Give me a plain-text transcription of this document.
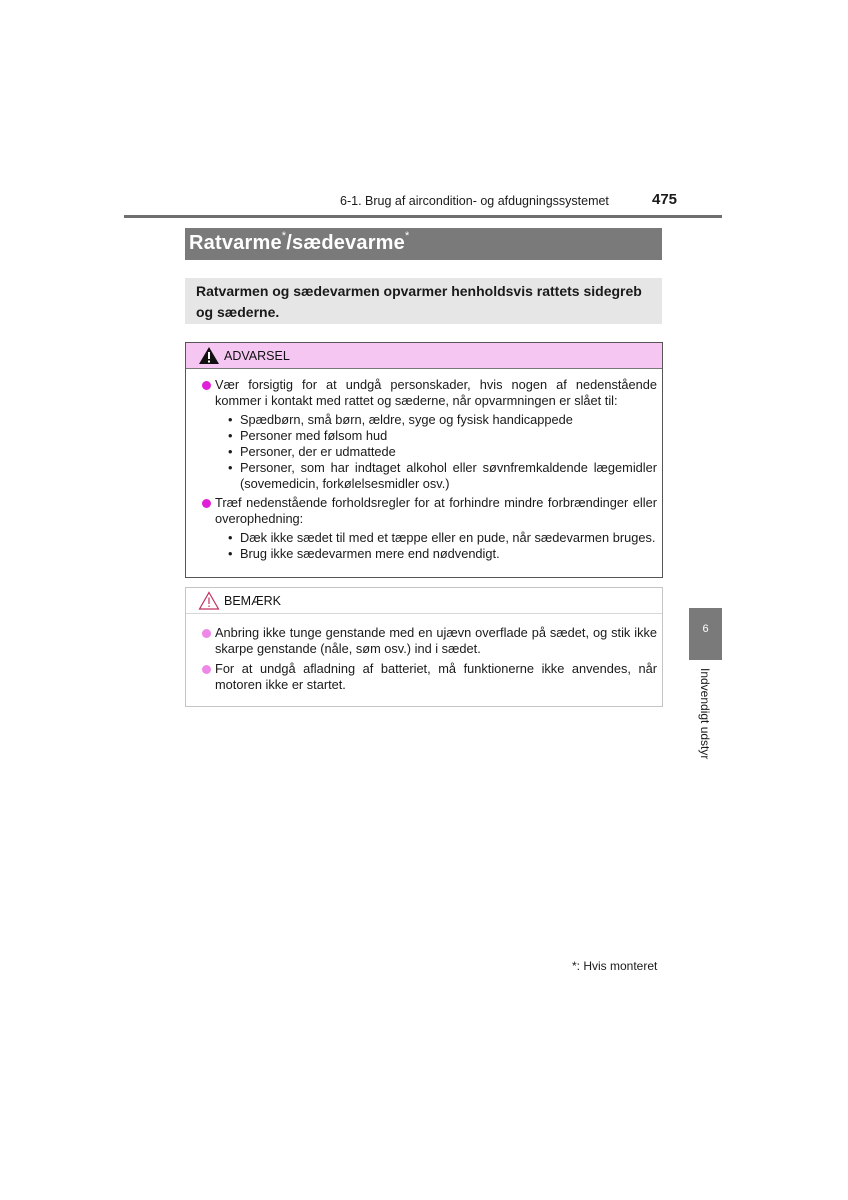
6-1. Brug af aircondition- og afdugningssystemet	475
Ratvarme*/sædevarme*
Ratvarmen og sædevarmen opvarmer henholdsvis rattets sidegreb og sæderne.
ADVARSEL
Vær forsigtig for at undgå personskader, hvis nogen af nedenstående kommer i kontakt med rattet og sæderne, når opvarmningen er slået til:
• Spædbørn, små børn, ældre, syge og fysisk handicappede
• Personer med følsom hud
• Personer, der er udmattede
• Personer, som har indtaget alkohol eller søvnfremkaldende lægemidler (sovemedicin, forkølelsesmidler osv.)
Træf nedenstående forholdsregler for at forhindre mindre forbrændinger eller overophedning:
• Dæk ikke sædet til med et tæppe eller en pude, når sædevarmen bruges.
• Brug ikke sædevarmen mere end nødvendigt.
BEMÆRK
Anbring ikke tunge genstande med en ujævn overflade på sædet, og stik ikke skarpe genstande (nåle, søm osv.) ind i sædet.
For at undgå afladning af batteriet, må funktionerne ikke anvendes, når motoren ikke er startet.
6
Indvendigt udstyr
*: Hvis monteret
